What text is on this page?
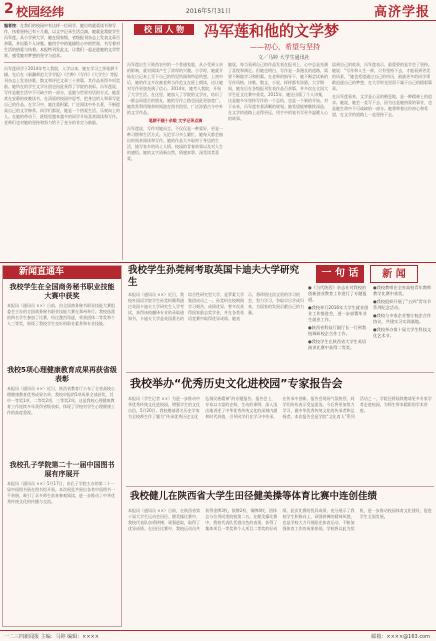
2 校园经纬	2016年5月31日	高济学报

编者按：在我们的校园中有这样一位同学，她自幼就爱读书和写作，执着坚持已有十几载，以文字记录生活点滴，她就是我院学生冯军莲。从小学到大学，她在国家级、省级报刊杂志上发表文章百余篇，并出版个人诗集。她用手中的笔描绘心中的世界，书写着对生活的热爱与执着。本报特刊发此文，让我们一起走进她的文学世界，感受她对梦想的坚守与追求。

冯军莲同学于2014年考入我院，入学以来，她在学习之余笔耕不辍，先后在《新疆师范大学学报》《芒种》《写作》《大学生》等报刊杂志上发表诗歌、散文和评论文章三十余篇，其作品获得多项奖励。她所在的学生文学社团也因此获得了学院的表彰。冯军莲说，写作是她生活中不可缺少的一部分，是她与世界对话的方式。她喜欢在安静的夜晚读书，在清晨的校园中思考，把身边的人和事写进自己的作品。在学习中，她注重积累，广泛阅读中外名著，不断提高自己的文学修养。同学们都说，她是一个热爱生活、乐观向上的人。在她的带动下，班级里越来越多的同学开始喜欢阅读和写作。老师们也对她的坚持和努力给予了充分的肯定与鼓励。

校 园 人 物	冯军莲和他的文学梦
——初心，希望与坚持
文／马婷 大学生通讯社

冯军莲出生于陕西农村的一个普通家庭，从小受到父亲的影响，就对阅读产生了浓厚的兴趣。小学时，她就开始在日记本上写下自己的所见所闻和所思所想。上初中后，她的作文多次被老师当作范文在班上朗读，这让她对写作更加充满了信心。2014年，她考入我院，开始了大学生活。在这里，她加入了学院的文学社，结识了一群志同道合的朋友，她的写作之路也因此更加宽广。她常常利用课余时间泡在图书馆里，广泛涉猎古今中外的文学作品。

笔耕不辍十余载 文字记录点滴

冯军莲说，写作对她而言，不仅仅是一种爱好，更是一种习惯和生活方式。无论学习多么繁忙，她每天都会抽出时间来阅读和写作。她的作品大多取材于身边的生活，描写家乡的风土人情、校园的青春故事以及对人生的感悟。她的文字清新自然，情感真挚，深受读者喜爱。

她说，每当看到自己的作品发表在报刊上，心中总是充满了喜悦和满足。但她也明白，写作是一条漫长的道路，需要不断地学习和积累。在老师的指导下，她不断尝试新的写作风格，诗歌、散文、小说，样样都有涉猎。大学期间，她先后在各级报刊发表作品百余篇，并多次在全国大学生征文比赛中获奖。2015年，她还出版了个人诗集，这是她多年坚持写作的一个总结，也是一个新的开始。对于未来，冯军莲有着清晰的规划。她希望能够继续深造，在文学的道路上走得更远，用手中的笔书写更多温暖人心的故事。

谈到自己的收获，冯军莲表示，最重要的是学会了坚持。她说：“写作和人生一样，只有坚持下去，才能看到更美的风景。”她也希望通过自己的经历，鼓励更多的同学勇敢追逐自己的梦想，在大学时光里留下属于自己的精彩篇章。

在冯军莲看来，文学是心灵的栖息地，是一种精神上的追求。她说，她会一直写下去，因为这是她热爱的事业，也是她生命中不可或缺的一部分。她将带着这份初心和希望，在文学的道路上一直坚持下去。

新闻直通车
我校学生在全国商务秘书职业技能大赛中获奖

本报讯（通讯员 ××）日前，由全国商务秘书职业技能大赛组委会主办的全国商务秘书职业技能大赛在郑州举行。我校选派的两名学生参加了比赛，经过激烈角逐，荣获团体二等奖和个人三等奖，展现了我校学生良好的职业素养和专业技能。

我校5项心理健康教育成果再获省级表彰

本报讯（通讯员 ××）近日，陕西省教育厅公布了全省高校心理健康教育优秀成果名单，我校申报的5项成果全部获奖，其中一等奖1项，二等奖2项，三等奖2项。这是我校心理健康教育工作连续多年获得省级表彰，体现了学校对学生心理健康工作的高度重视。

我校孔子学院第二十一届中国图书展有序展开

本报讯（通讯员 ××）5月17日，由孔子学院主办的第二十一届中国图书展在图书馆开展。本次展览共展出各类中国图书一千余册，吸引了众多师生前来参观阅读，进一步推动了中华优秀传统文化的传播与交流。

我校学生孙莞柯考取英国卡迪夫大学研究生

本报讯（通讯员 ××）近日，我校外国语学院学生孙莞柯顺利通过英国卡迪夫大学研究生入学考试，获得该校翻译专业的录取通知书。卡迪夫大学是英国著名的综合性研究型大学，是罗素大学集团成员之一。孙莞柯在校期间学习刻苦，成绩优异，曾多次获得国家励志奖学金，并在各类英语竞赛中取得优异成绩。她表示，将珍惜这次宝贵的学习机会，努力学习，争取早日学成归来，为国家的发展贡献自己的力量。

一 句 话	新 闻

●《当代陕西》杂志社对我校的创新创业教育工作进行了专题报道。

●我校举行2016年大学生就业创业工作推进会，进一步部署毕业生就业工作。

●陕西省科技厅副厅长一行到我校调研校企合作工作。

●我校学生在陕西省大学生英语演讲比赛中获得二等奖。

●我校教师在全省高校青年教师教学比赛中获奖。

●我校组织开展了“五四”青年节系列纪念活动。

●我校与多家企业签订校企合作协议，共建实习实训基地。

●我校举办第十届大学生科技文化艺术节。

我校举办“优秀历史文化进校园”专家报告会

本报讯（学生记者 ××）为进一步推动中华优秀传统文化进校园，增强学生的文化自信，5月20日，我校邀请著名历史学家为全校师生作了题为“传承优秀历史文化 弘扬民族精神”的专题报告。报告会上，专家以丰富的史料、生动的事例，深入浅出地讲述了中华优秀传统文化的深刻内涵和时代价值，引导同学们在学习中传承，在传承中创新。报告会现场气氛热烈，同学们纷纷表示受益匪浅，今后将更加努力学习，做中华优秀传统文化的传承者和弘扬者。本次报告会是学院“文化育人”系列活动之一，学院还将陆续邀请更多专家学者走进校园，为师生带来精彩的学术讲座。

我校健儿在陕西省大学生田径健美操等体育比赛中连创佳绩

本报讯（通讯员 ××）日前，在陕西省第十届大学生运动会田径、健美操比赛中，我校代表队奋勇拼搏，顽强进取，取得了优异成绩。在田径比赛中，我校运动员共获得金牌3枚、银牌2枚、铜牌4枚，团体总分位列同类院校第二名。在健美操比赛中，我校代表队凭借出色的表现，获得了集体项目一等奖和个人项目二等奖的好成绩。此次比赛的优异成绩，充分展示了我校学生积极向上、顽强拼搏的精神风貌，也是学校大力开展阳光体育运动、不断加强体育工作的成果体现。学校将以此为契机，进一步推动校园体育文化建设，促进学生全面发展。

一二三四新闻报 主编：马婷 编辑：××××	邮箱：××××@163.com
